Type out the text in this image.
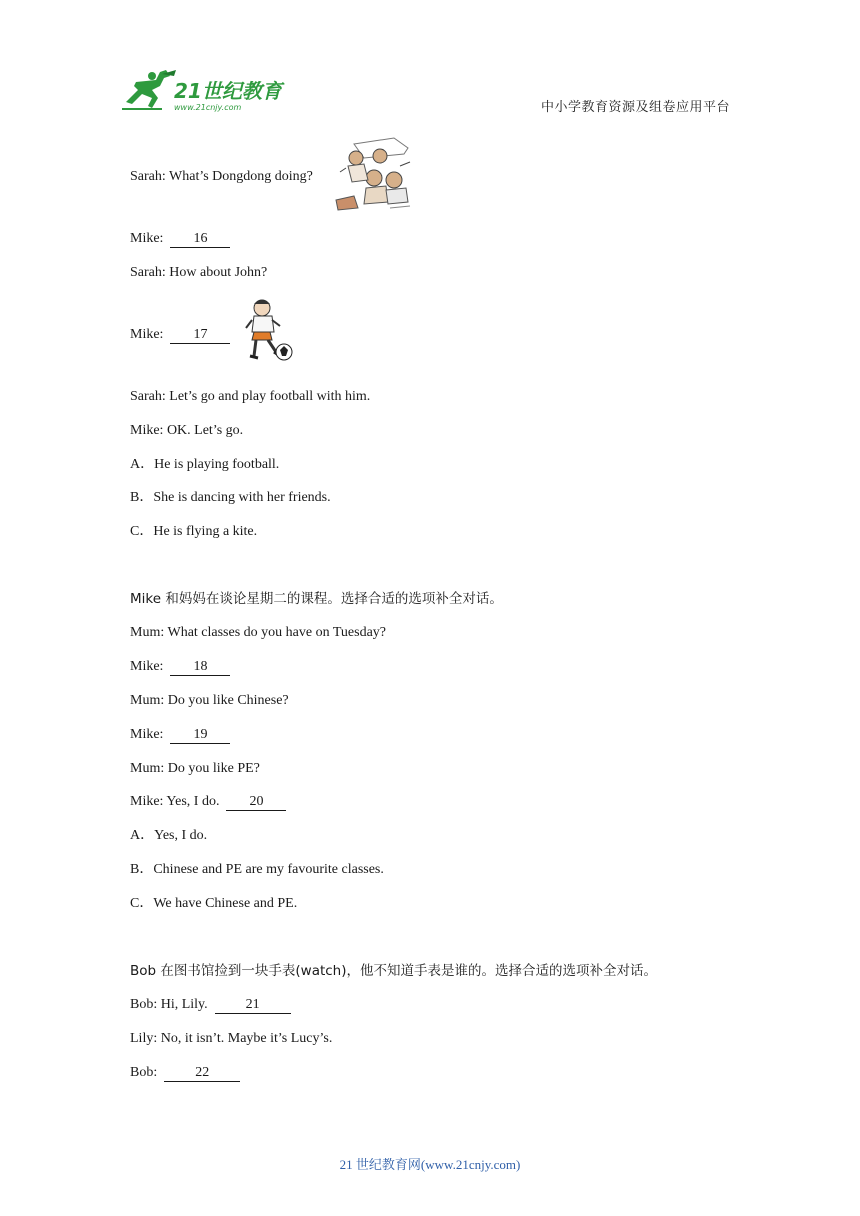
21世纪教育
www.21cnjy.com	中小学教育资源及组卷应用平台
Sarah: What’s Dongdong doing?
Mike: 16
Sarah: How about John?
Mike: 17
Sarah: Let’s go and play football with him.
Mike: OK. Let’s go.
A．He is playing football.
B．She is dancing with her friends.
C．He is flying a kite.
Mike 和妈妈在谈论星期二的课程。选择合适的选项补全对话。
Mum: What classes do you have on Tuesday?
Mike: 18
Mum: Do you like Chinese?
Mike: 19
Mum: Do you like PE?
Mike: Yes, I do. 20
A．Yes, I do.
B．Chinese and PE are my favourite classes.
C．We have Chinese and PE.
Bob 在图书馆捡到一块手表(watch)，他不知道手表是谁的。选择合适的选项补全对话。
Bob: Hi, Lily.	21
Lily: No, it isn’t. Maybe it’s Lucy’s.
Bob:	22
21 世纪教育网(www.21cnjy.com)
